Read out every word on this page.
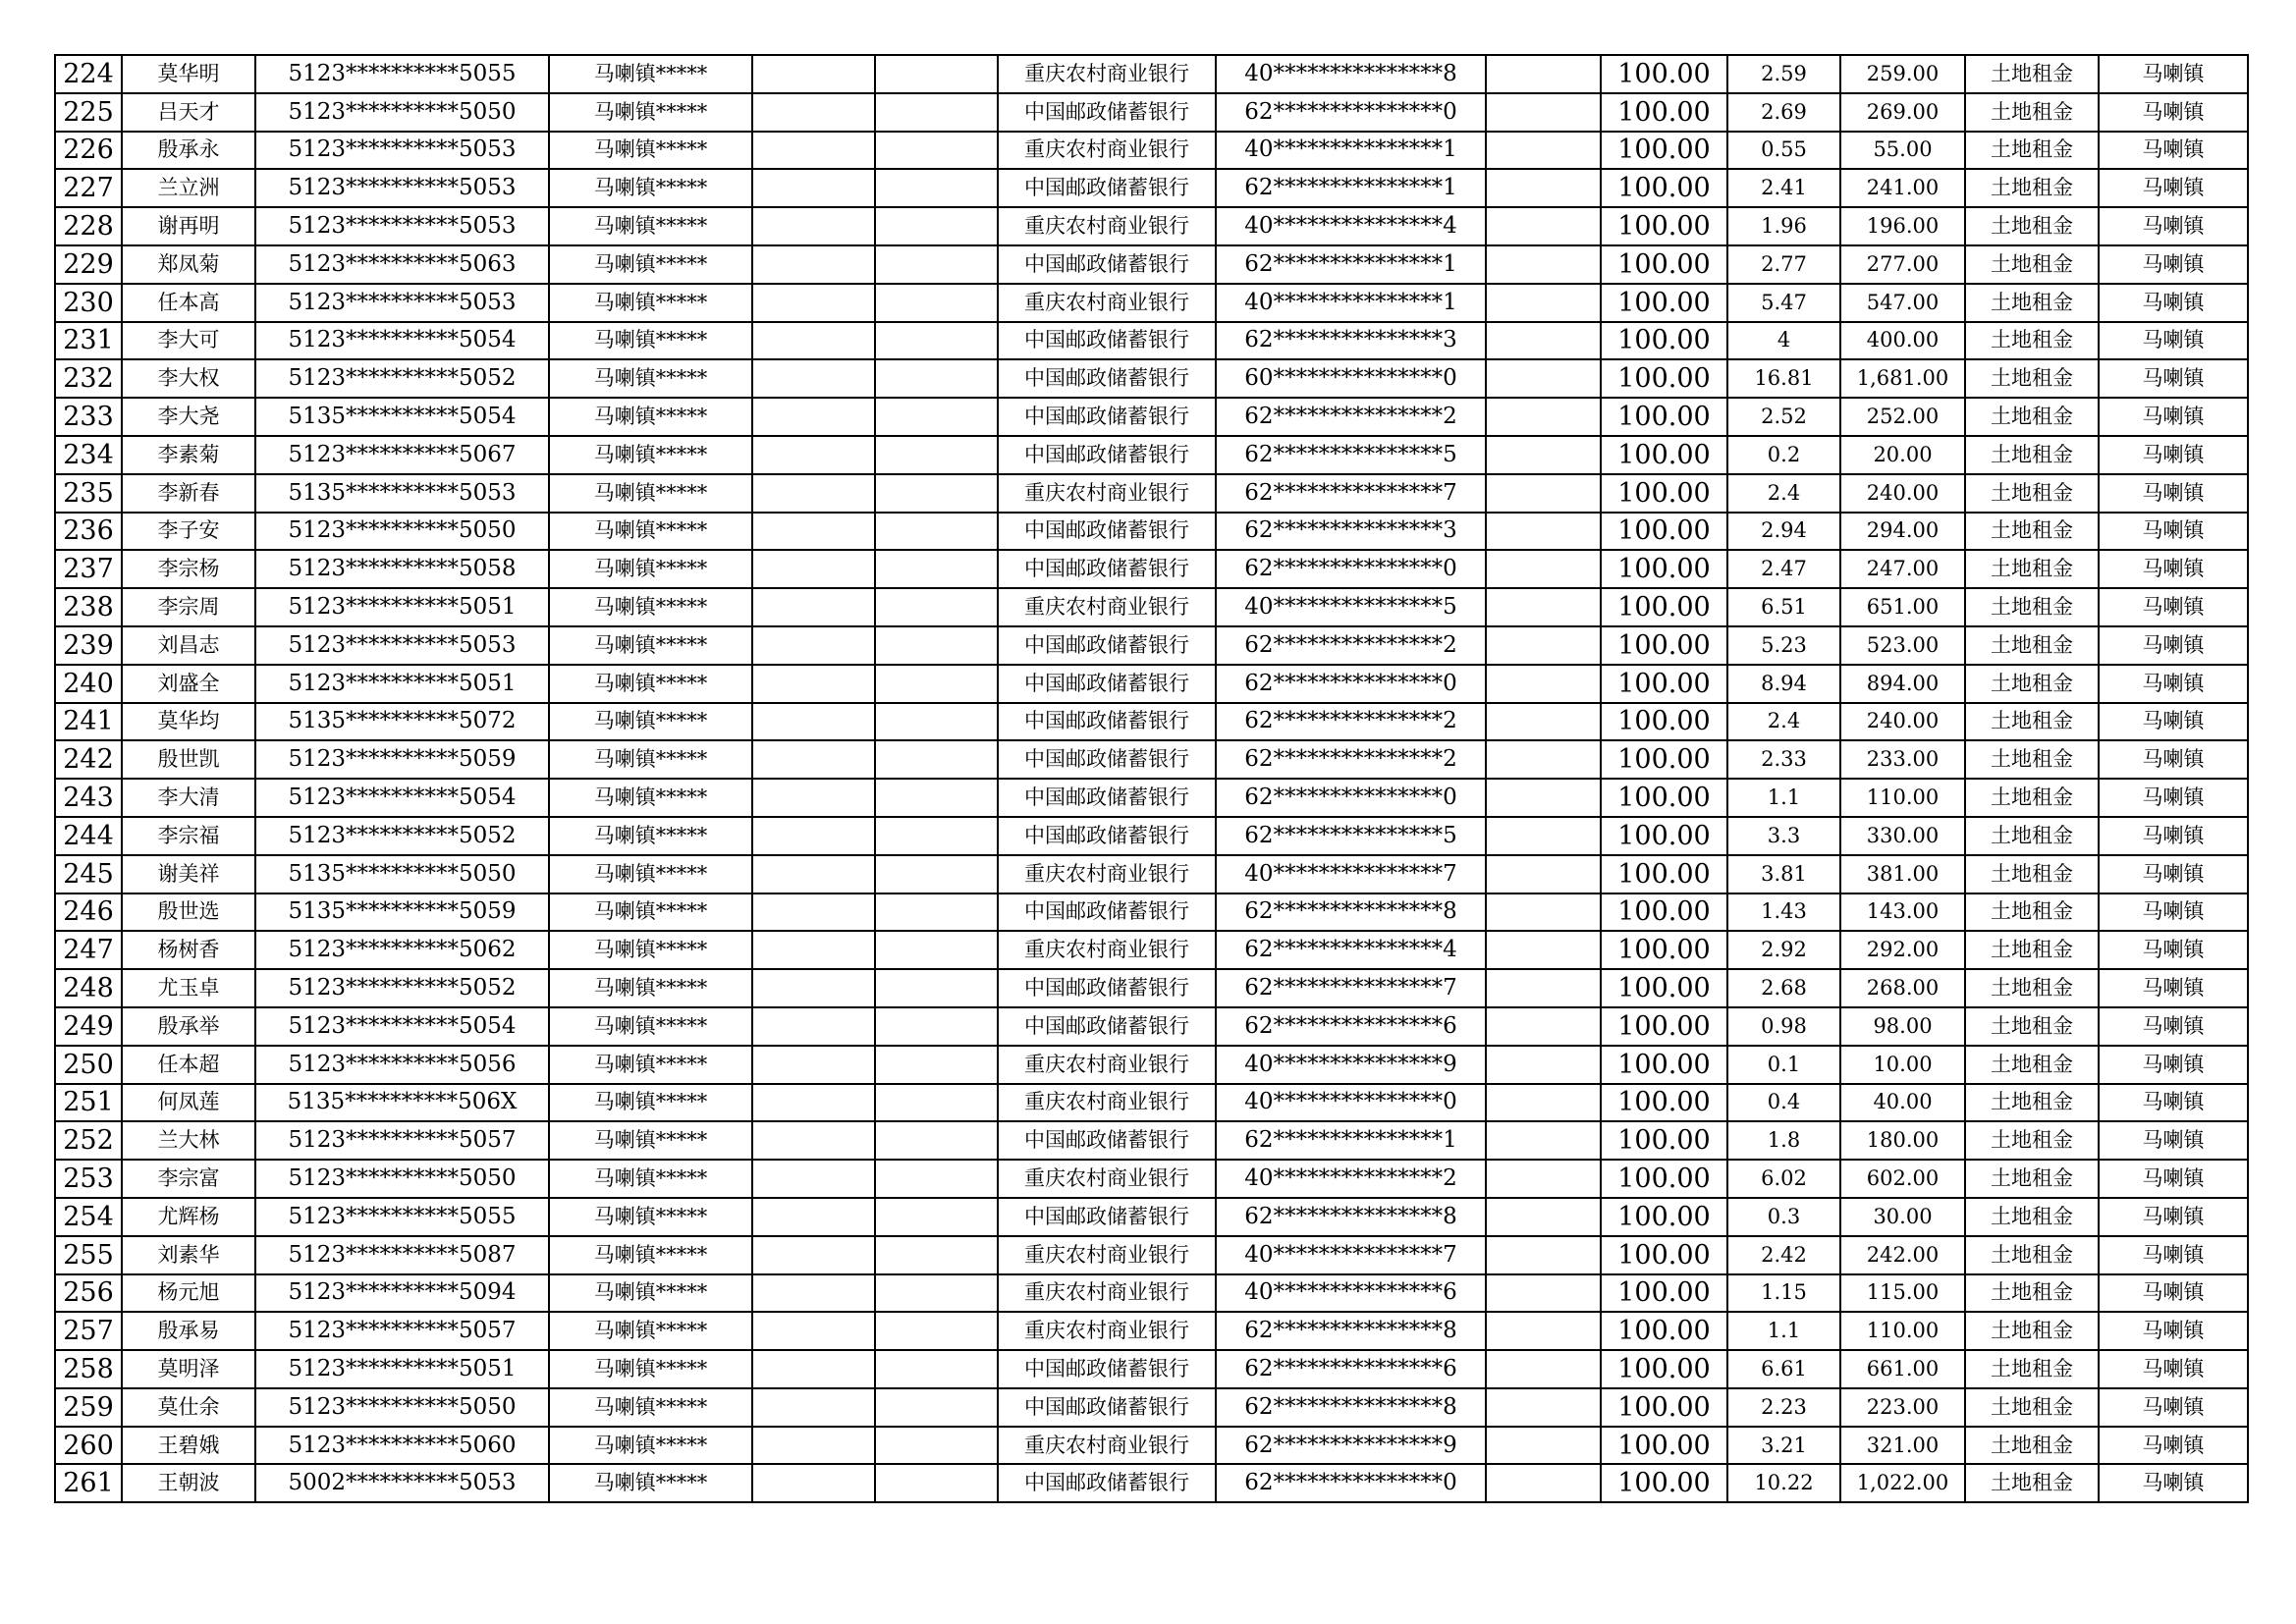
224	莫华明	5123**********5055	马喇镇*****			重庆农村商业银行	40***************8		100.00	2.59	259.00	土地租金	马喇镇
225	吕天才	5123**********5050	马喇镇*****			中国邮政储蓄银行	62***************0		100.00	2.69	269.00	土地租金	马喇镇
226	殷承永	5123**********5053	马喇镇*****			重庆农村商业银行	40***************1		100.00	0.55	55.00	土地租金	马喇镇
227	兰立洲	5123**********5053	马喇镇*****			中国邮政储蓄银行	62***************1		100.00	2.41	241.00	土地租金	马喇镇
228	谢再明	5123**********5053	马喇镇*****			重庆农村商业银行	40***************4		100.00	1.96	196.00	土地租金	马喇镇
229	郑凤菊	5123**********5063	马喇镇*****			中国邮政储蓄银行	62***************1		100.00	2.77	277.00	土地租金	马喇镇
230	任本高	5123**********5053	马喇镇*****			重庆农村商业银行	40***************1		100.00	5.47	547.00	土地租金	马喇镇
231	李大可	5123**********5054	马喇镇*****			中国邮政储蓄银行	62***************3		100.00	4	400.00	土地租金	马喇镇
232	李大权	5123**********5052	马喇镇*****			中国邮政储蓄银行	60***************0		100.00	16.81	1,681.00	土地租金	马喇镇
233	李大尧	5135**********5054	马喇镇*****			中国邮政储蓄银行	62***************2		100.00	2.52	252.00	土地租金	马喇镇
234	李素菊	5123**********5067	马喇镇*****			中国邮政储蓄银行	62***************5		100.00	0.2	20.00	土地租金	马喇镇
235	李新春	5135**********5053	马喇镇*****			重庆农村商业银行	62***************7		100.00	2.4	240.00	土地租金	马喇镇
236	李子安	5123**********5050	马喇镇*****			中国邮政储蓄银行	62***************3		100.00	2.94	294.00	土地租金	马喇镇
237	李宗杨	5123**********5058	马喇镇*****			中国邮政储蓄银行	62***************0		100.00	2.47	247.00	土地租金	马喇镇
238	李宗周	5123**********5051	马喇镇*****			重庆农村商业银行	40***************5		100.00	6.51	651.00	土地租金	马喇镇
239	刘昌志	5123**********5053	马喇镇*****			中国邮政储蓄银行	62***************2		100.00	5.23	523.00	土地租金	马喇镇
240	刘盛全	5123**********5051	马喇镇*****			中国邮政储蓄银行	62***************0		100.00	8.94	894.00	土地租金	马喇镇
241	莫华均	5135**********5072	马喇镇*****			中国邮政储蓄银行	62***************2		100.00	2.4	240.00	土地租金	马喇镇
242	殷世凯	5123**********5059	马喇镇*****			中国邮政储蓄银行	62***************2		100.00	2.33	233.00	土地租金	马喇镇
243	李大清	5123**********5054	马喇镇*****			中国邮政储蓄银行	62***************0		100.00	1.1	110.00	土地租金	马喇镇
244	李宗福	5123**********5052	马喇镇*****			中国邮政储蓄银行	62***************5		100.00	3.3	330.00	土地租金	马喇镇
245	谢美祥	5135**********5050	马喇镇*****			重庆农村商业银行	40***************7		100.00	3.81	381.00	土地租金	马喇镇
246	殷世选	5135**********5059	马喇镇*****			中国邮政储蓄银行	62***************8		100.00	1.43	143.00	土地租金	马喇镇
247	杨树香	5123**********5062	马喇镇*****			重庆农村商业银行	62***************4		100.00	2.92	292.00	土地租金	马喇镇
248	尤玉卓	5123**********5052	马喇镇*****			中国邮政储蓄银行	62***************7		100.00	2.68	268.00	土地租金	马喇镇
249	殷承举	5123**********5054	马喇镇*****			中国邮政储蓄银行	62***************6		100.00	0.98	98.00	土地租金	马喇镇
250	任本超	5123**********5056	马喇镇*****			重庆农村商业银行	40***************9		100.00	0.1	10.00	土地租金	马喇镇
251	何凤莲	5135**********506X	马喇镇*****			重庆农村商业银行	40***************0		100.00	0.4	40.00	土地租金	马喇镇
252	兰大林	5123**********5057	马喇镇*****			中国邮政储蓄银行	62***************1		100.00	1.8	180.00	土地租金	马喇镇
253	李宗富	5123**********5050	马喇镇*****			重庆农村商业银行	40***************2		100.00	6.02	602.00	土地租金	马喇镇
254	尤辉杨	5123**********5055	马喇镇*****			中国邮政储蓄银行	62***************8		100.00	0.3	30.00	土地租金	马喇镇
255	刘素华	5123**********5087	马喇镇*****			重庆农村商业银行	40***************7		100.00	2.42	242.00	土地租金	马喇镇
256	杨元旭	5123**********5094	马喇镇*****			重庆农村商业银行	40***************6		100.00	1.15	115.00	土地租金	马喇镇
257	殷承易	5123**********5057	马喇镇*****			重庆农村商业银行	62***************8		100.00	1.1	110.00	土地租金	马喇镇
258	莫明泽	5123**********5051	马喇镇*****			中国邮政储蓄银行	62***************6		100.00	6.61	661.00	土地租金	马喇镇
259	莫仕余	5123**********5050	马喇镇*****			中国邮政储蓄银行	62***************8		100.00	2.23	223.00	土地租金	马喇镇
260	王碧娥	5123**********5060	马喇镇*****			重庆农村商业银行	62***************9		100.00	3.21	321.00	土地租金	马喇镇
261	王朝波	5002**********5053	马喇镇*****			中国邮政储蓄银行	62***************0		100.00	10.22	1,022.00	土地租金	马喇镇
